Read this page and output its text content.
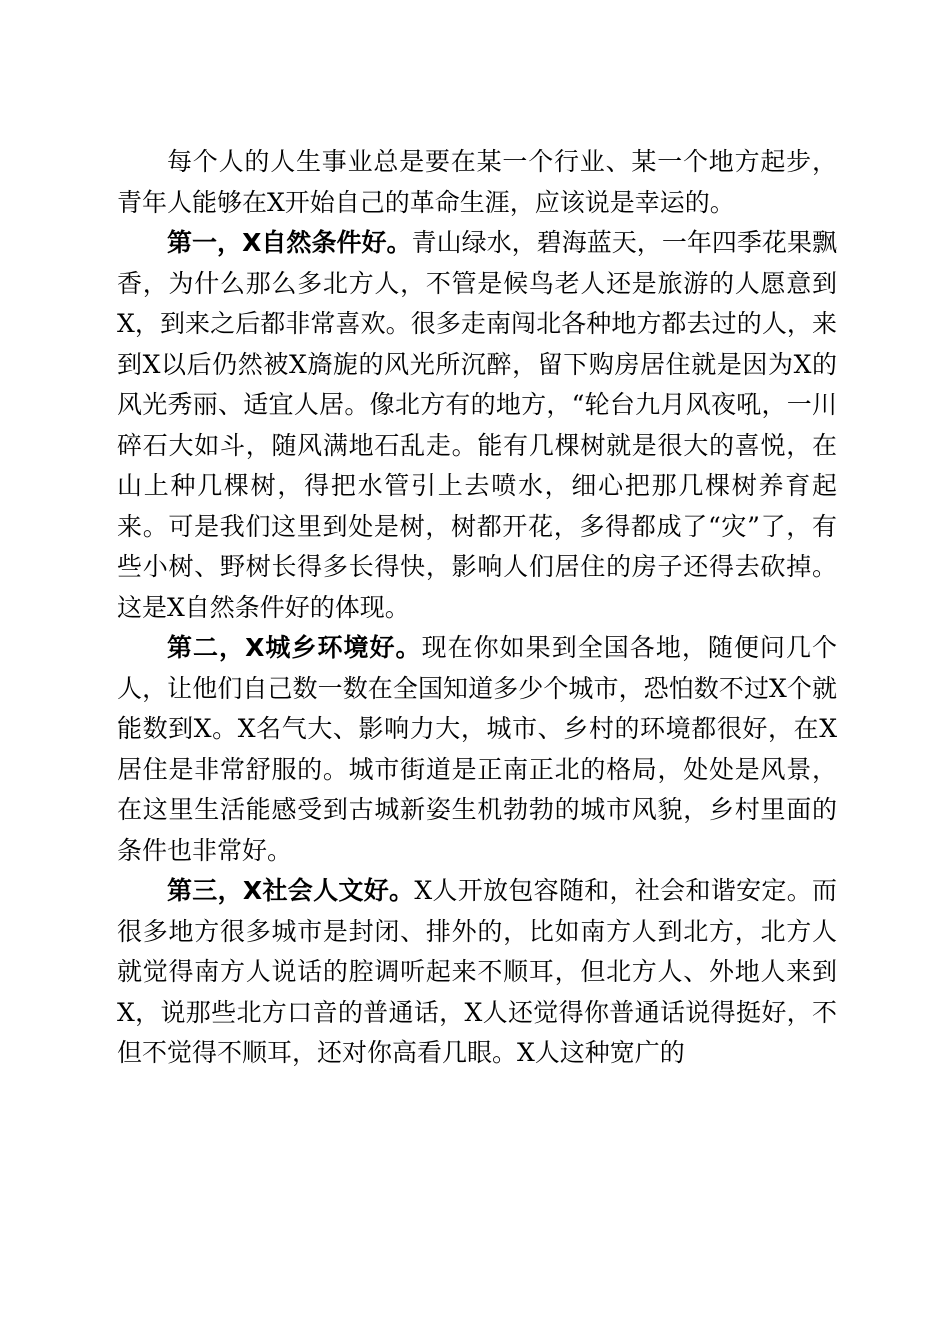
每个人的人生事业总是要在某一个行业、某一个地方起步，青年人能够在X开始自己的革命生涯，应该说是幸运的。

第一，X自然条件好。青山绿水，碧海蓝天，一年四季花果飘香，为什么那么多北方人，不管是候鸟老人还是旅游的人愿意到X，到来之后都非常喜欢。很多走南闯北各种地方都去过的人，来到X以后仍然被X旖旎的风光所沉醉，留下购房居住就是因为X的风光秀丽、适宜人居。像北方有的地方，“轮台九月风夜吼，一川碎石大如斗，随风满地石乱走。能有几棵树就是很大的喜悦，在山上种几棵树，得把水管引上去喷水，细心把那几棵树养育起来。可是我们这里到处是树，树都开花，多得都成了“灾”了，有些小树、野树长得多长得快，影响人们居住的房子还得去砍掉。这是X自然条件好的体现。

第二，X城乡环境好。现在你如果到全国各地，随便问几个人，让他们自己数一数在全国知道多少个城市，恐怕数不过X个就能数到X。X名气大、影响力大，城市、乡村的环境都很好，在X居住是非常舒服的。城市街道是正南正北的格局，处处是风景，在这里生活能感受到古城新姿生机勃勃的城市风貌，乡村里面的条件也非常好。

第三，X社会人文好。X人开放包容随和，社会和谐安定。而很多地方很多城市是封闭、排外的，比如南方人到北方，北方人就觉得南方人说话的腔调听起来不顺耳，但北方人、外地人来到X，说那些北方口音的普通话，X人还觉得你普通话说得挺好，不但不觉得不顺耳，还对你高看几眼。X人这种宽广的
